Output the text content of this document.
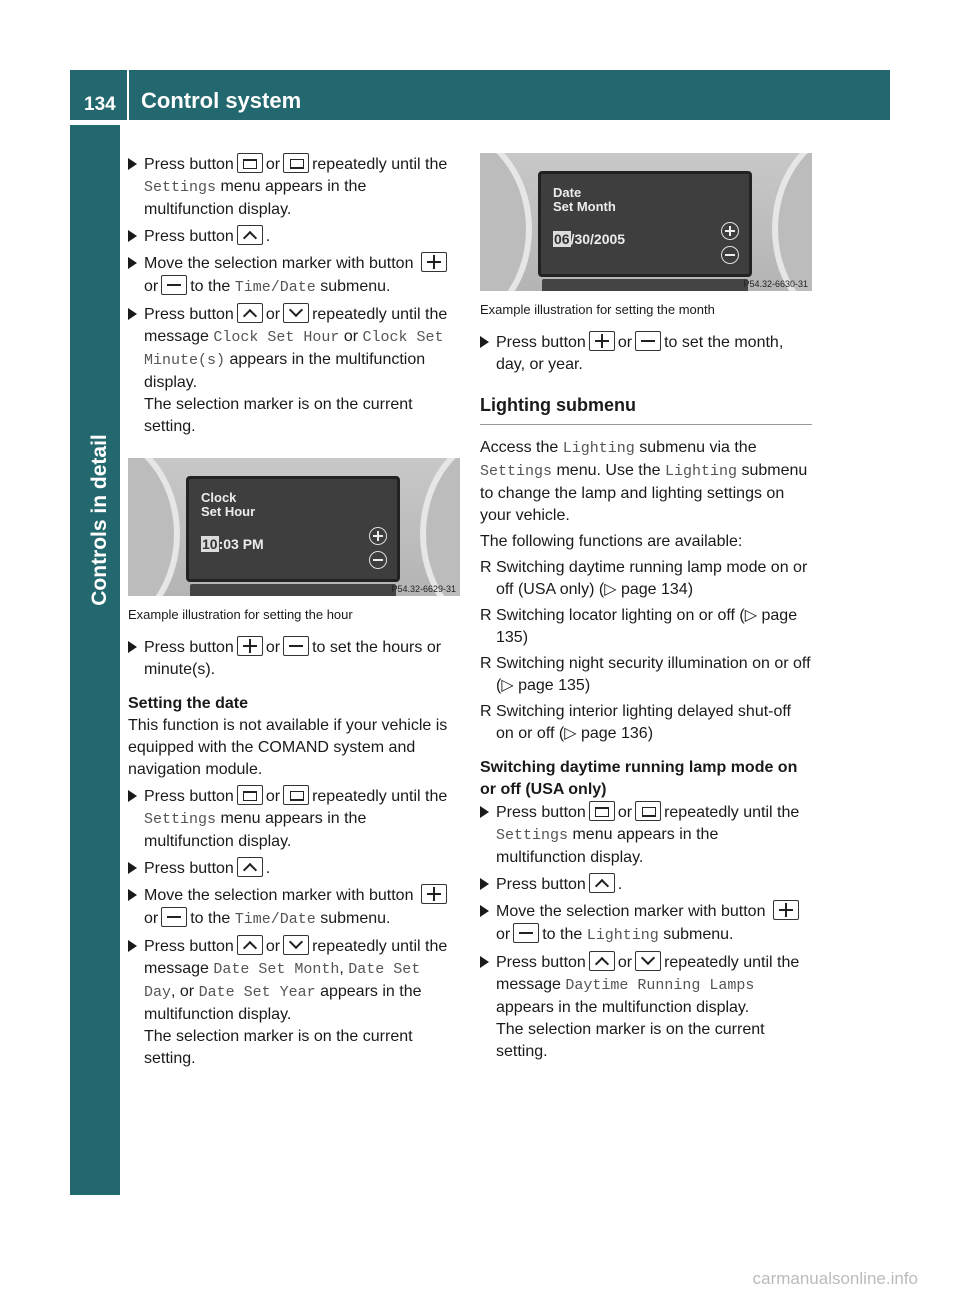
134 Control system
Controls in detail
Press button or repeatedly until the Settings menu appears in the multifunction display.
Press button .
Move the selection marker with button or to the Time/Date submenu.
Press button or repeatedly until the message Clock Set Hour or Clock Set Minute(s) appears in the multifunction display.
The selection marker is on the current setting.
Clock
Set Hour
10:03 PM
P54.32-6629-31
Example illustration for setting the hour
Press button or to set the hours or minute(s).
Setting the date
This function is not available if your vehicle is equipped with the COMAND system and navigation module.
Press button or repeatedly until the Settings menu appears in the multifunction display.
Press button .
Move the selection marker with button or to the Time/Date submenu.
Press button or repeatedly until the message Date Set Month, Date Set Day, or Date Set Year appears in the multifunction display.
The selection marker is on the current setting.
Date
Set Month
06/30/2005
P54.32-6630-31
Example illustration for setting the month
Press button or to set the month, day, or year.
Lighting submenu
Access the Lighting submenu via the Settings menu. Use the Lighting submenu to change the lamp and lighting settings on your vehicle.
The following functions are available:
R Switching daytime running lamp mode on or off (USA only) (▷ page 134)
R Switching locator lighting on or off (▷ page 135)
R Switching night security illumination on or off (▷ page 135)
R Switching interior lighting delayed shut-off on or off (▷ page 136)
Switching daytime running lamp mode on or off (USA only)
Press button or repeatedly until the Settings menu appears in the multifunction display.
Press button .
Move the selection marker with button or to the Lighting submenu.
Press button or repeatedly until the message Daytime Running Lamps appears in the multifunction display.
The selection marker is on the current setting.
carmanualsonline.info
